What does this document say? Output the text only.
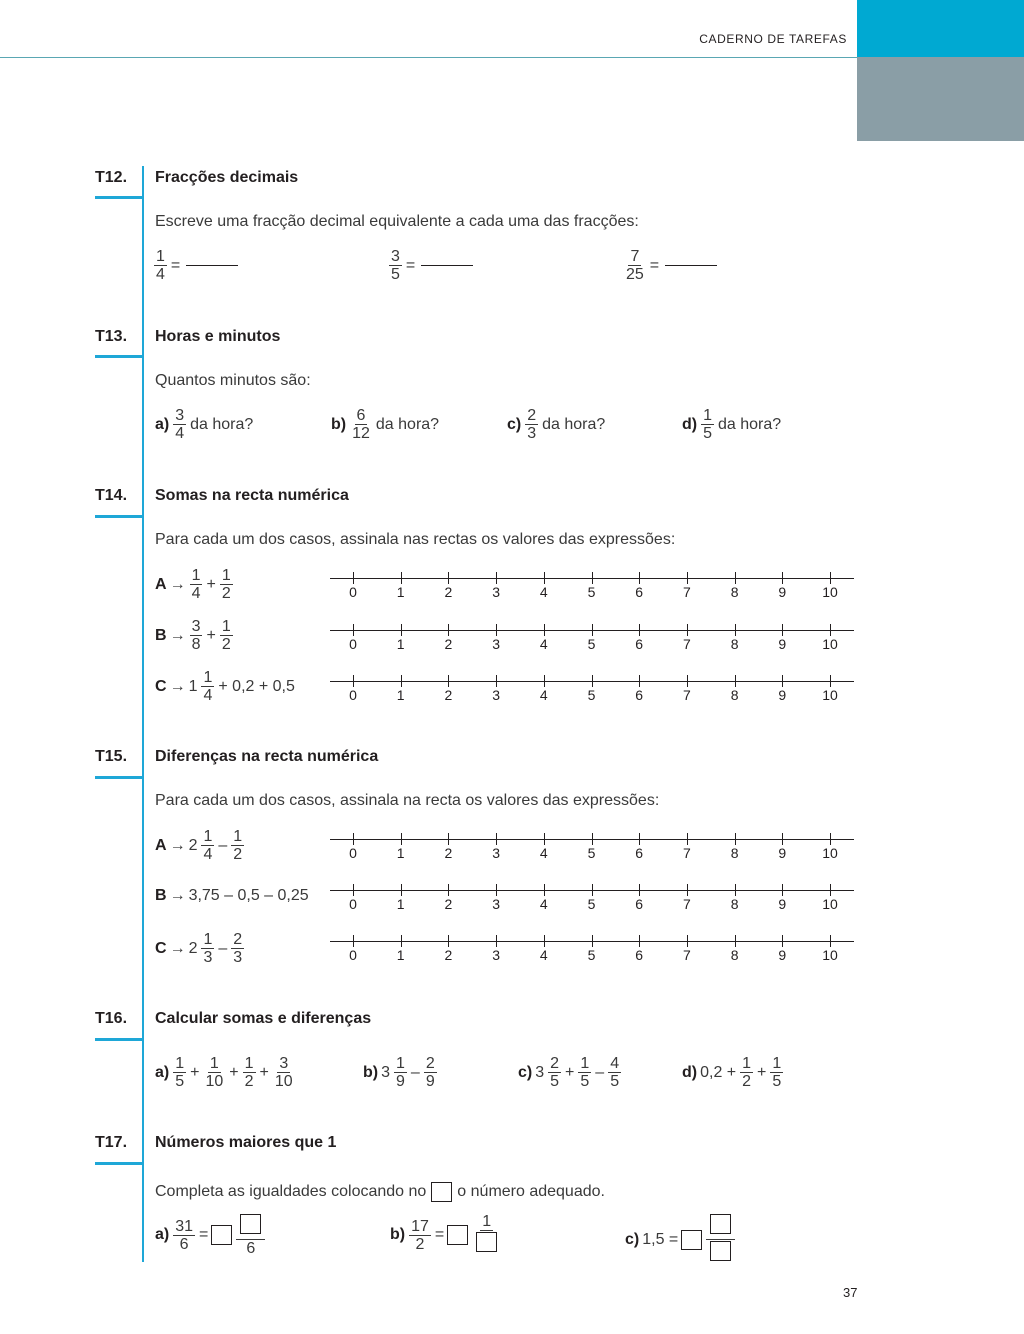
CADERNO DE TAREFAS
T12. Fracções decimais
Escreve uma fracção decimal equivalente a cada uma das fracções:
$\frac{1}{4}$ =	$\frac{3}{5}$ =	$\frac{7}{25}$ =
T13. Horas e minutos
Quantos minutos são:
$a) \frac{3}{4}$ da hora?	$b) \frac{6}{12}$ da hora?	$c) \frac{2}{3}$ da hora?	$d) \frac{1}{5}$ da hora?
T14. Somas na recta numérica
Para cada um dos casos, assinala nas rectas os valores das expressões:
$A \to \frac{1}{4} + \frac{1}{2}$
$B \to \frac{3}{8} + \frac{1}{2}$
$C \to 1 \frac{1}{4} + 0,2 + 0,5$
0	1	2	3	4	5	6	7	8	9	10
0	1	2	3	4	5	6	7	8	9	10
0	1	2	3	4	5	6	7	8	9	10
T15. Diferenças na recta numérica
Para cada um dos casos, assinala na recta os valores das expressões:
$A \to 2 \frac{1}{4} - \frac{1}{2}$
B → 3,75 – 0,5 – 0,25
$C \to 2 \frac{1}{3} - \frac{2}{3}$
0	1	2	3	4	5	6	7	8	9	10
0	1	2	3	4	5	6	7	8	9	10
0	1	2	3	4	5	6	7	8	9	10
T16. Calcular somas e diferenças
$a) \frac{1}{5} + \frac{1}{10} + \frac{1}{2} + \frac{3}{10}$	b) $3 \frac{1}{9} - \frac{2}{9}$	c) $3 \frac{2}{5} + \frac{1}{5} - \frac{4}{5}$	d) $0,2 + \frac{1}{2} + \frac{1}{5}$
T17. Números maiores que 1
Completa as igualdades colocando no o número adequado.
$a) \frac{31}{6}$ =
6
$b) \frac{17}{2}$ =
1
c) 1,5 =
37
